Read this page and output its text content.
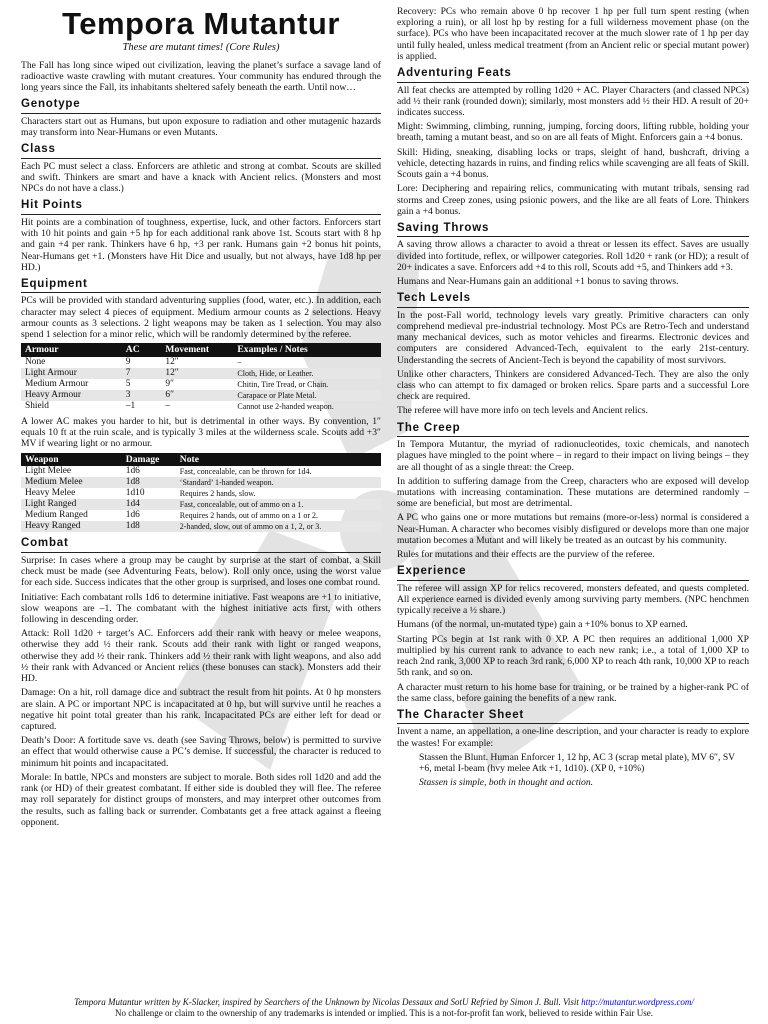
Tempora Mutantur
These are mutant times! (Core Rules)

The Fall has long since wiped out civilization, leaving the planet’s surface a savage land of radioactive waste crawling with mutant creatures. Your community has endured through the long years since the Fall, its inhabitants sheltered safely beneath the earth. Until now…

Genotype

Characters start out as Humans, but upon exposure to radiation and other mutagenic hazards may transform into Near-Humans or even Mutants.

Class

Each PC must select a class. Enforcers are athletic and strong at combat. Scouts are skilled and swift. Thinkers are smart and have a knack with Ancient relics. (Monsters and most NPCs do not have a class.)

Hit Points

Hit points are a combination of toughness, expertise, luck, and other factors. Enforcers start with 10 hit points and gain +5 hp for each additional rank above 1st. Scouts start with 8 hp and gain +4 per rank. Thinkers have 6 hp, +3 per rank. Humans gain +2 bonus hit points, Near-Humans get +1. (Monsters have Hit Dice and usually, but not always, have 1d8 hp per HD.)

Equipment

PCs will be provided with standard adventuring supplies (food, water, etc.). In addition, each character may select 4 pieces of equipment. Medium armour counts as 2 selections. Heavy armour counts as 3 selections. 2 light weapons may be taken as 1 selection. You may also spend 1 selection for a minor relic, which will be randomly determined by the referee.

Armour	AC	Movement	Examples / Notes
None	9	12″	–
Light Armour	7	12″	Cloth, Hide, or Leather.
Medium Armour	5	9″	Chitin, Tire Tread, or Chain.
Heavy Armour	3	6″	Carapace or Plate Metal.
Shield	–1	–	Cannot use 2-handed weapon.

A lower AC makes you harder to hit, but is detrimental in other ways. By convention, 1″ equals 10 ft at the ruin scale, and is typically 3 miles at the wilderness scale. Scouts add +3″ MV if wearing light or no armour.

Weapon	Damage	Note
Light Melee	1d6	Fast, concealable, can be thrown for 1d4.
Medium Melee	1d8	‘Standard’ 1-handed weapon.
Heavy Melee	1d10	Requires 2 hands, slow.
Light Ranged	1d4	Fast, concealable, out of ammo on a 1.
Medium Ranged	1d6	Requires 2 hands, out of ammo on a 1 or 2.
Heavy Ranged	1d8	2-handed, slow, out of ammo on a 1, 2, or 3.
Combat

Surprise: In cases where a group may be caught by surprise at the start of combat, a Skill check must be made (see Adventuring Feats, below). Roll only once, using the worst value for each side. Success indicates that the other group is surprised, and loses one combat round.

Initiative: Each combatant rolls 1d6 to determine initiative. Fast weapons are +1 to initiative, slow weapons are –1. The combatant with the highest initiative acts first, with others following in descending order.

Attack: Roll 1d20 + target’s AC. Enforcers add their rank with heavy or melee weapons, otherwise they add ½ their rank. Scouts add their rank with light or ranged weapons, otherwise they add ½ their rank. Thinkers add ½ their rank with light weapons, and also add ½ their rank with Advanced or Ancient relics (these bonuses can stack). Monsters add their HD.

Damage: On a hit, roll damage dice and subtract the result from hit points. At 0 hp monsters are slain. A PC or important NPC is incapacitated at 0 hp, but will survive until he reaches a negative hit point total greater than his rank. Incapacitated PCs are either left for dead or captured.

Death’s Door: A fortitude save vs. death (see Saving Throws, below) is permitted to survive an effect that would otherwise cause a PC’s demise. If successful, the character is reduced to minimum hit points and incapacitated.

Morale: In battle, NPCs and monsters are subject to morale. Both sides roll 1d20 and add the rank (or HD) of their greatest combatant. If either side is doubled they will flee. The referee may roll separately for distinct groups of monsters, and may interpret other outcomes from the results, such as falling back or surrender. Combatants get a free attack against a fleeing opponent.

Recovery: PCs who remain above 0 hp recover 1 hp per full turn spent resting (when exploring a ruin), or all lost hp by resting for a full wilderness movement phase (on the surface). PCs who have been incapacitated recover at the much slower rate of 1 hp per day until fully healed, unless medical treatment (from an Ancient relic or special mutant power) is applied.

Adventuring Feats

All feat checks are attempted by rolling 1d20 + AC. Player Characters (and classed NPCs) add ½ their rank (rounded down); similarly, most monsters add ½ their HD. A result of 20+ indicates success.

Might: Swimming, climbing, running, jumping, forcing doors, lifting rubble, holding your breath, taming a mutant beast, and so on are all feats of Might. Enforcers gain a +4 bonus.

Skill: Hiding, sneaking, disabling locks or traps, sleight of hand, bushcraft, driving a vehicle, detecting hazards in ruins, and finding relics while scavenging are all feats of Skill. Scouts gain a +4 bonus.

Lore: Deciphering and repairing relics, communicating with mutant tribals, sensing rad storms and Creep zones, using psionic powers, and the like are all feats of Lore. Thinkers gain a +4 bonus.

Saving Throws

A saving throw allows a character to avoid a threat or lessen its effect. Saves are usually divided into fortitude, reflex, or willpower categories. Roll 1d20 + rank (or HD); a result of 20+ indicates a save. Enforcers add +4 to this roll, Scouts add +5, and Thinkers add +3.

Humans and Near-Humans gain an additional +1 bonus to saving throws.

Tech Levels

In the post-Fall world, technology levels vary greatly. Primitive characters can only comprehend medieval pre-industrial technology. Most PCs are Retro-Tech and understand many mechanical devices, such as motor vehicles and firearms. Electronic devices and computers are considered Advanced-Tech, equivalent to the early 21st-century. Understanding the secrets of Ancient-Tech is beyond the capability of most survivors.

Unlike other characters, Thinkers are considered Advanced-Tech. They are also the only class who can attempt to fix damaged or broken relics. Spare parts and a successful Lore check are required.

The referee will have more info on tech levels and Ancient relics.

The Creep

In Tempora Mutantur, the myriad of radionucleotides, toxic chemicals, and nanotech plagues have mingled to the point where – in regard to their impact on living beings – they are all thought of as a single threat: the Creep.

In addition to suffering damage from the Creep, characters who are exposed will develop mutations with increasing contamination. These mutations are determined randomly – some are beneficial, but most are detrimental.

A PC who gains one or more mutations but remains (more-or-less) normal is considered a Near-Human. A character who becomes visibly disfigured or develops more than one major mutation becomes a Mutant and will likely be treated as an outcast by his community.

Rules for mutations and their effects are the purview of the referee.

Experience

The referee will assign XP for relics recovered, monsters defeated, and quests completed. All experience earned is divided evenly among surviving party members. (NPC henchmen typically receive a ½ share.)

Humans (of the normal, un-mutated type) gain a +10% bonus to XP earned.

Starting PCs begin at 1st rank with 0 XP. A PC then requires an additional 1,000 XP multiplied by his current rank to advance to each new rank; i.e., a total of 1,000 XP to reach 2nd rank, 3,000 XP to reach 3rd rank, 6,000 XP to reach 4th rank, 10,000 XP to reach 5th rank, and so on.

A character must return to his home base for training, or be trained by a higher-rank PC of the same class, before gaining the benefits of a new rank.

The Character Sheet

Invent a name, an appellation, a one-line description, and your character is ready to explore the wastes! For example:

Stassen the Blunt. Human Enforcer 1, 12 hp, AC 3 (scrap metal plate), MV 6″, SV +6, metal I-beam (hvy melee Atk +1, 1d10). (XP 0, +10%)

Stassen is simple, both in thought and action.

Tempora Mutantur written by K-Slacker, inspired by Searchers of the Unknown by Nicolas Dessaux and SotU Refried by Simon J. Bull. Visit http://mutantur.wordpress.com/
No challenge or claim to the ownership of any trademarks is intended or implied. This is a not-for-profit fan work, believed to reside within Fair Use.
